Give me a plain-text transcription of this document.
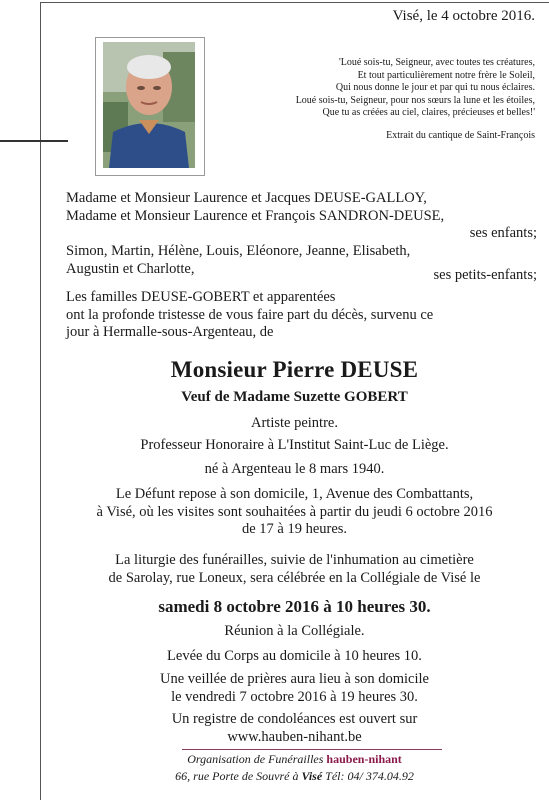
Visé, le 4 octobre 2016.
'Loué sois-tu, Seigneur, avec toutes tes créatures,
Et tout particulièrement notre frère le Soleil,
Qui nous donne le jour et par qui tu nous éclaires.
Loué sois-tu, Seigneur, pour nos sœurs la lune et les étoiles,
Que tu as créées au ciel, claires, précieuses et belles!'
Extrait du cantique de Saint-François
Madame et Monsieur Laurence et Jacques DEUSE-GALLOY,
Madame et Monsieur Laurence et François SANDRON-DEUSE,
ses enfants;
Simon, Martin, Hélène, Louis, Eléonore, Jeanne, Elisabeth,
Augustin et Charlotte,	ses petits-enfants;
Les familles DEUSE-GOBERT et apparentées
ont la profonde tristesse de vous faire part du décès, survenu ce
jour à Hermalle-sous-Argenteau, de
Monsieur Pierre DEUSE
Veuf de Madame Suzette GOBERT
Artiste peintre.
Professeur Honoraire à L'Institut Saint-Luc de Liège.
né à Argenteau le 8 mars 1940.
Le Défunt repose à son domicile, 1, Avenue des Combattants,
à Visé, où les visites sont souhaitées à partir du jeudi 6 octobre 2016
de 17 à 19 heures.
La liturgie des funérailles, suivie de l'inhumation au cimetière
de Sarolay, rue Loneux, sera célébrée en la Collégiale de Visé le
samedi 8 octobre 2016 à 10 heures 30.
Réunion à la Collégiale.
Levée du Corps au domicile à 10 heures 10.
Une veillée de prières aura lieu à son domicile
le vendredi 7 octobre 2016 à 19 heures 30.
Un registre de condoléances est ouvert sur
www.hauben-nihant.be
Organisation de Funérailles hauben-nihant
66, rue Porte de Souvré à Visé Tél: 04/ 374.04.92
